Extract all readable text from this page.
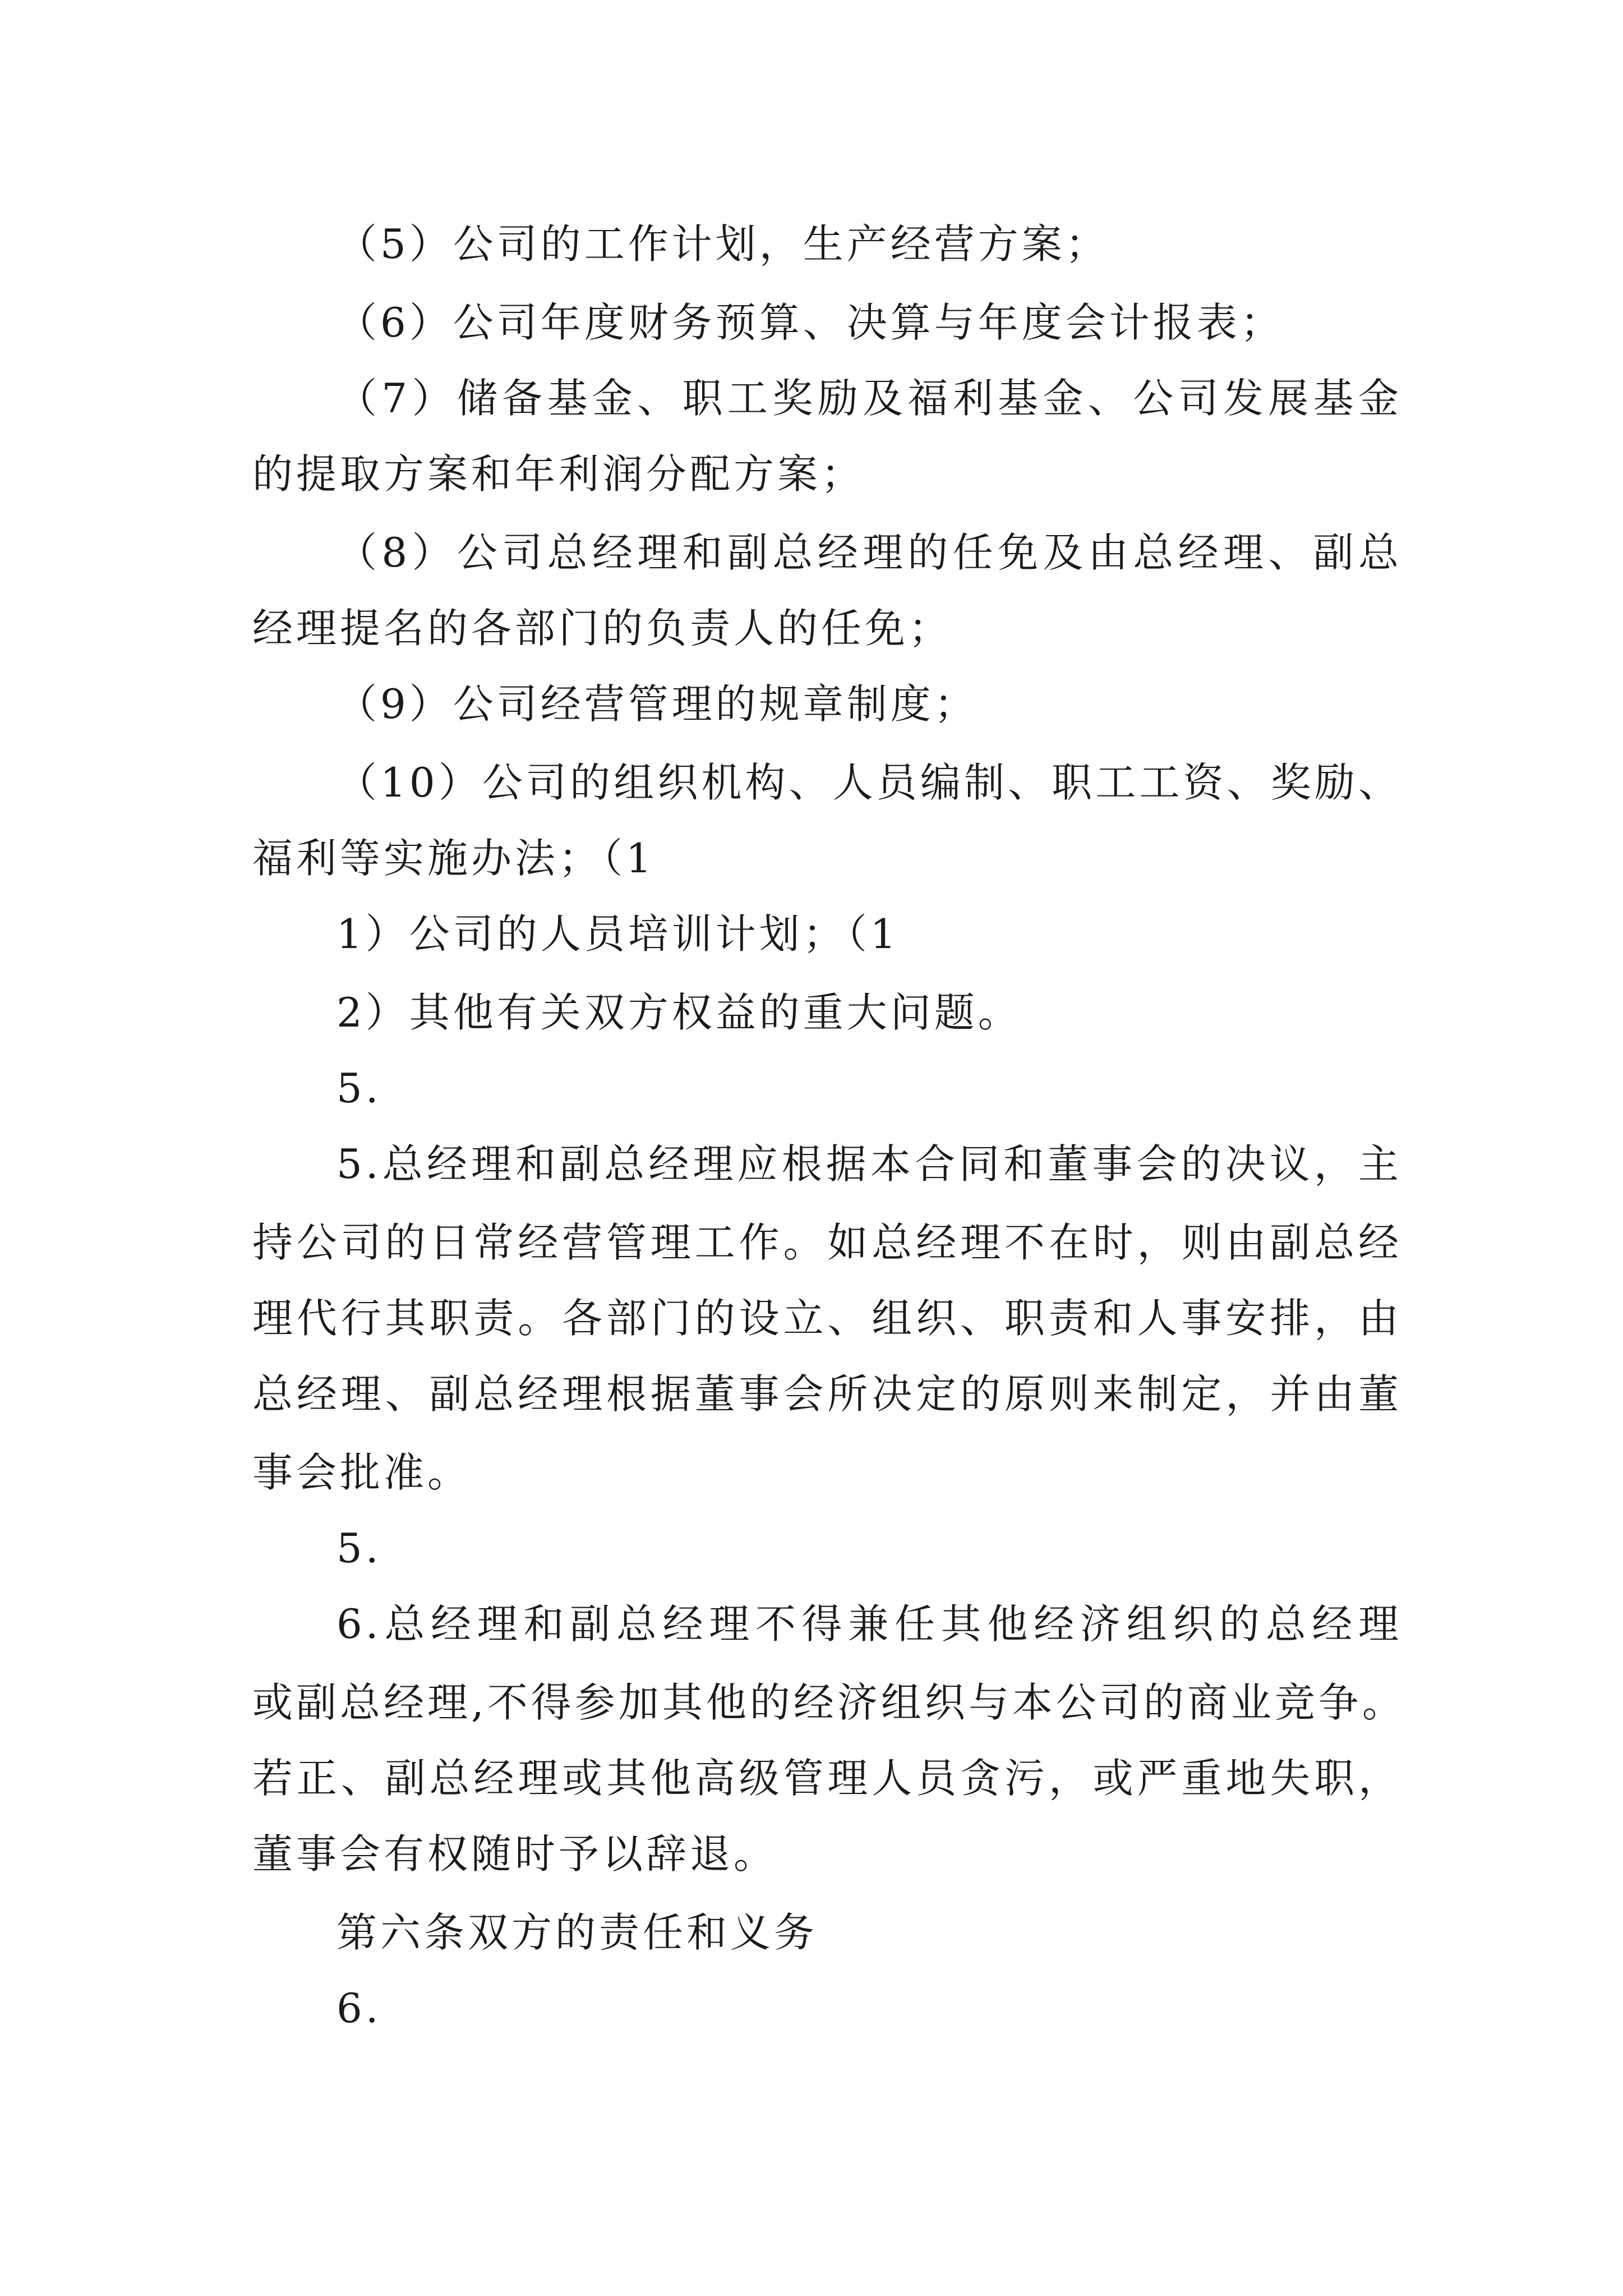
（5）公司的工作计划，生产经营方案；
（6）公司年度财务预算、决算与年度会计报表；
（7）储备基金、职工奖励及福利基金、公司发展基金
的提取方案和年利润分配方案；
（8）公司总经理和副总经理的任免及由总经理、副总
经理提名的各部门的负责人的任免；
（9）公司经营管理的规章制度；
（10）公司的组织机构、人员编制、职工工资、奖励、
福利等实施办法；（1
1）公司的人员培训计划；（1
2）其他有关双方权益的重大问题。
5.
5.总经理和副总经理应根据本合同和董事会的决议，主
持公司的日常经营管理工作。如总经理不在时，则由副总经
理代行其职责。各部门的设立、组织、职责和人事安排，由
总经理、副总经理根据董事会所决定的原则来制定，并由董
事会批准。
5.
6.总经理和副总经理不得兼任其他经济组织的总经理
或副总经理,不得参加其他的经济组织与本公司的商业竞争。
若正、副总经理或其他高级管理人员贪污，或严重地失职，
董事会有权随时予以辞退。
第六条双方的责任和义务
6.
